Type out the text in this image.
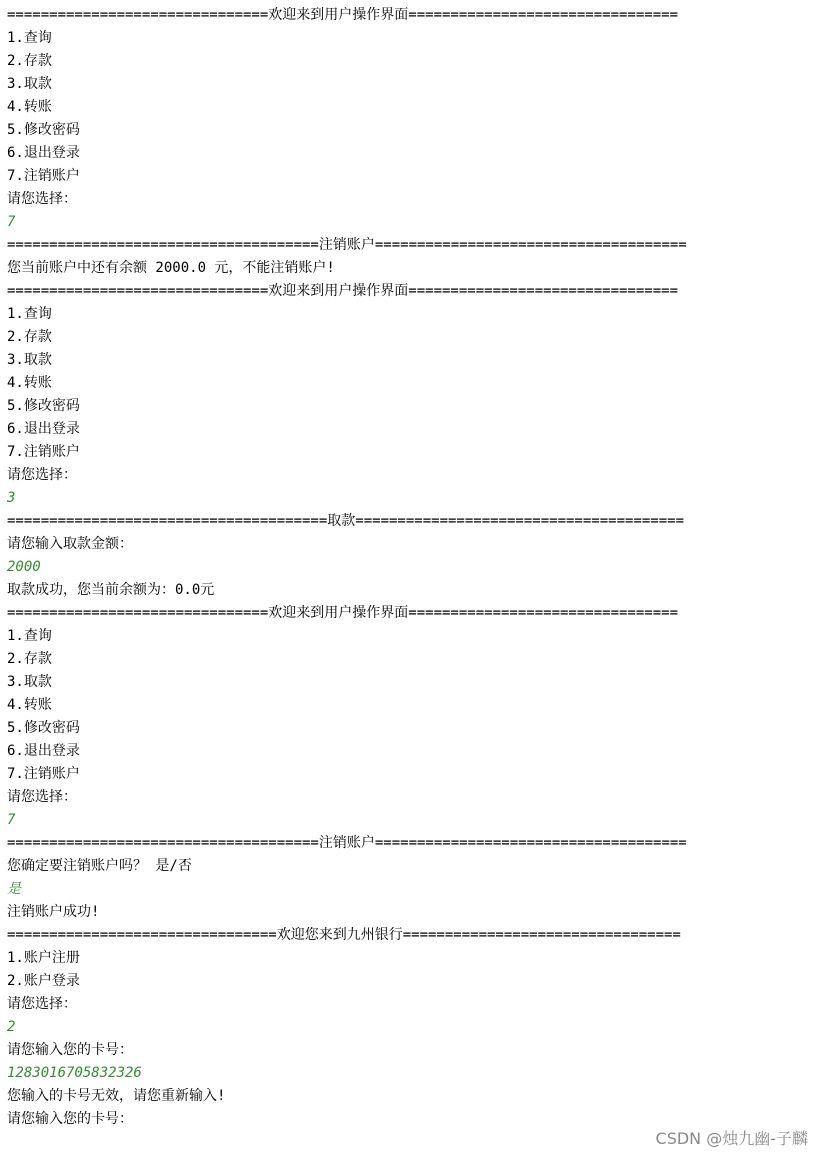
===============================欢迎来到用户操作界面================================
1.查询
2.存款
3.取款
4.转账
5.修改密码
6.退出登录
7.注销账户
请您选择：
7
=====================================注销账户=====================================
您当前账户中还有余额 2000.0 元，不能注销账户!
===============================欢迎来到用户操作界面================================
1.查询
2.存款
3.取款
4.转账
5.修改密码
6.退出登录
7.注销账户
请您选择：
3
======================================取款=======================================
请您输入取款金额：
2000
取款成功，您当前余额为：0.0元
===============================欢迎来到用户操作界面================================
1.查询
2.存款
3.取款
4.转账
5.修改密码
6.退出登录
7.注销账户
请您选择：
7
=====================================注销账户=====================================
您确定要注销账户吗？ 是/否
是
注销账户成功!
================================欢迎您来到九州银行=================================
1.账户注册
2.账户登录
请您选择：
2
请您输入您的卡号：
1283016705832326
您输入的卡号无效，请您重新输入!
请您输入您的卡号：
CSDN @烛九幽-子麟
